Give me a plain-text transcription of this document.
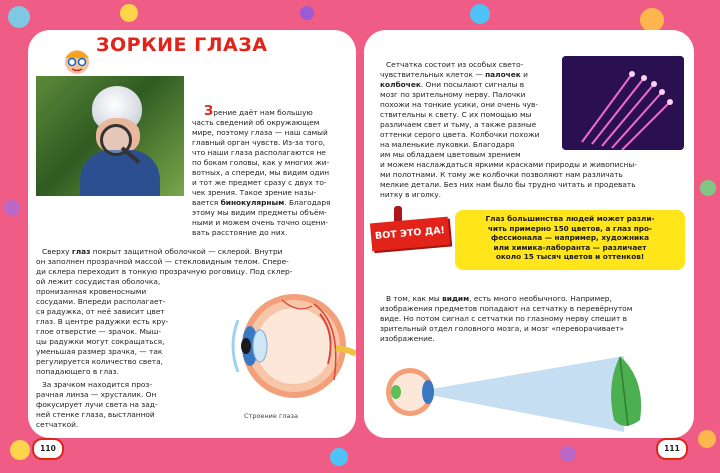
ЗОРКИЕ ГЛАЗА

Зрение даёт нам большую

часть сведений об окружающем

мире, поэтому глаза — наш самый

главный орган чувств. Из-за того,

что наши глаза располагаются не

по бокам головы, как у многих жи-

вотных, а спереди, мы видим один

и тот же предмет сразу с двух то-

чек зрения. Такое зрение назы-

вается бинокулярным. Благодаря

этому мы видим предметы объём-

ными и можем очень точно оцени-

вать расстояние до них.

Сверху глаз покрыт защитной оболочкой — склерой. Внутри

он заполнен прозрачной массой — стекловидным телом. Спере-

ди склера переходит в тонкую прозрачную роговицу. Под склер-

ой лежит сосудистая оболочка,

пронизанная кровеносными

сосудами. Впереди располагает-

ся радужка, от неё зависит цвет

глаз. В центре радужки есть кру-

глое отверстие — зрачок. Мыш-

цы радужки могут сокращаться,

уменьшая размер зрачка, — так

регулируется количество света,

попадающего в глаз.

За зрачком находится проз-

рачная линза — хрусталик. Он

фокусирует лучи света на зад-

ней стенке глаза, выстланной

сетчаткой.

Строение глаза

110

Сетчатка состоит из особых свето-

чувствительных клеток — палочек и

колбочек. Они посылают сигналы в

мозг по зрительному нерву. Палочки

похожи на тонкие усики, они очень чув-

ствительны к свету. С их помощью мы

различаем свет и тьму, а также разные

оттенки серого цвета. Колбочки похожи

на маленькие луковки. Благодаря

им мы обладаем цветовым зрением

и можем наслаждаться яркими красками природы и живописны-

ми полотнами. К тому же колбочки позволяют нам различать

мелкие детали. Без них нам было бы трудно читать и продевать

нитку в иголку.

ВОТ ЭТО ДА!

Глаз большинства людей может разли-

чить примерно 150 цветов, а глаз про-

фессионала — например, художника

или химика-лаборанта — различает

около 15 тысяч цветов и оттенков!

В том, как мы видим, есть много необычного. Например,

изображения предметов попадают на сетчатку в перевёрнутом

виде. Но потом сигнал с сетчатки по глазному нерву спешит в

зрительный отдел головного мозга, и мозг «переворачивает»

изображение.

111
